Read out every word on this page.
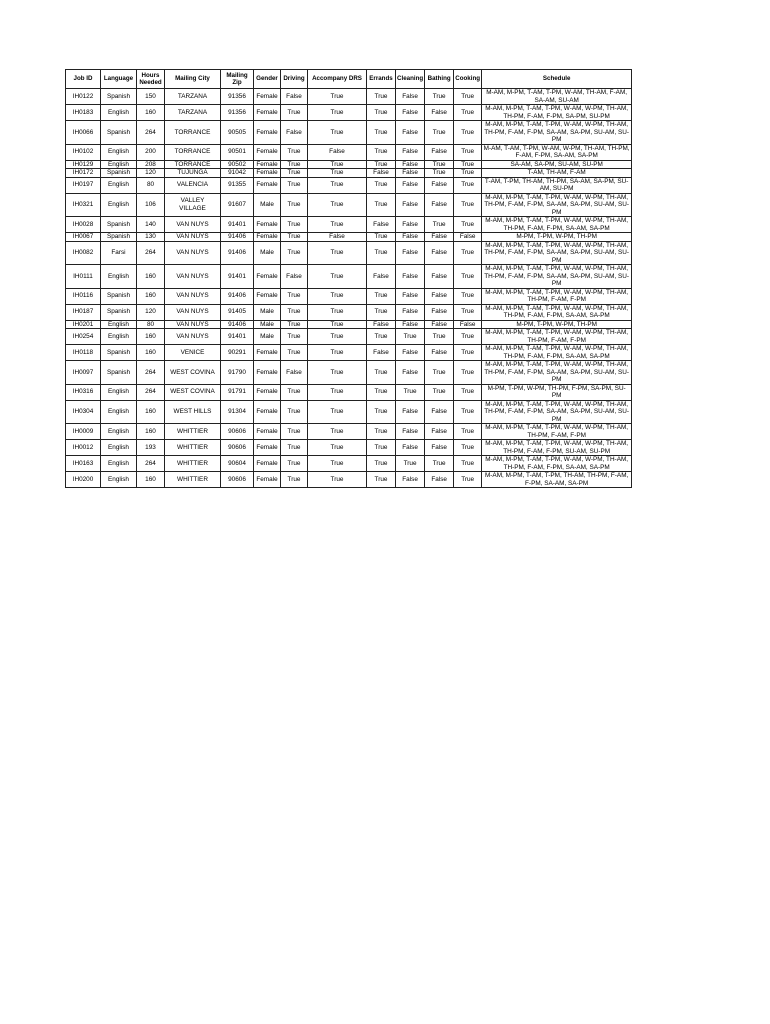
Job ID	Language	Hours Needed	Mailing City	Mailing Zip	Gender	Driving	Accompany DRS	Errands	Cleaning	Bathing	Cooking	Schedule
IH0122	Spanish	150	TARZANA	91356	Female	False	True	True	False	True	True	M-AM, M-PM, T-AM, T-PM, W-AM, TH-AM, F-AM, SA-AM, SU-AM
IH0183	English	160	TARZANA	91356	Female	True	True	True	False	False	True	M-AM, M-PM, T-AM, T-PM, W-AM, W-PM, TH-AM, TH-PM, F-AM, F-PM, SA-PM, SU-PM
IH0066	Spanish	264	TORRANCE	90505	Female	False	True	True	False	True	True	M-AM, M-PM, T-AM, T-PM, W-AM, W-PM, TH-AM, TH-PM, F-AM, F-PM, SA-AM, SA-PM, SU-AM, SU-PM
IH0102	English	200	TORRANCE	90501	Female	True	False	True	False	False	True	M-AM, T-AM, T-PM, W-AM, W-PM, TH-AM, TH-PM, F-AM, F-PM, SA-AM, SA-PM
IH0129	English	208	TORRANCE	90502	Female	True	True	True	False	True	True	SA-AM, SA-PM, SU-AM, SU-PM
IH0172	Spanish	120	TUJUNGA	91042	Female	True	True	False	False	True	True	T-AM, TH-AM, F-AM
IH0197	English	80	VALENCIA	91355	Female	True	True	True	False	False	True	T-AM, T-PM, TH-AM, TH-PM, SA-AM, SA-PM, SU-AM, SU-PM
IH0321	English	106	VALLEY VILLAGE	91607	Male	True	True	True	False	False	True	M-AM, M-PM, T-AM, T-PM, W-AM, W-PM, TH-AM, TH-PM, F-AM, F-PM, SA-AM, SA-PM, SU-AM, SU-PM
IH0028	Spanish	140	VAN NUYS	91401	Female	True	True	False	False	True	True	M-AM, M-PM, T-AM, T-PM, W-AM, W-PM, TH-AM, TH-PM, F-AM, F-PM, SA-AM, SA-PM
IH0067	Spanish	130	VAN NUYS	91406	Female	True	False	True	False	False	False	M-PM, T-PM, W-PM, TH-PM
IH0082	Farsi	264	VAN NUYS	91406	Male	True	True	True	False	False	True	M-AM, M-PM, T-AM, T-PM, W-AM, W-PM, TH-AM, TH-PM, F-AM, F-PM, SA-AM, SA-PM, SU-AM, SU-PM
IH0111	English	160	VAN NUYS	91401	Female	False	True	False	False	False	True	M-AM, M-PM, T-AM, T-PM, W-AM, W-PM, TH-AM, TH-PM, F-AM, F-PM, SA-AM, SA-PM, SU-AM, SU-PM
IH0116	Spanish	160	VAN NUYS	91406	Female	True	True	True	False	False	True	M-AM, M-PM, T-AM, T-PM, W-AM, W-PM, TH-AM, TH-PM, F-AM, F-PM
IH0187	Spanish	120	VAN NUYS	91405	Male	True	True	True	False	False	True	M-AM, M-PM, T-AM, T-PM, W-AM, W-PM, TH-AM, TH-PM, F-AM, F-PM, SA-AM, SA-PM
IH0201	English	80	VAN NUYS	91406	Male	True	True	False	False	False	False	M-PM, T-PM, W-PM, TH-PM
IH0254	English	160	VAN NUYS	91401	Male	True	True	True	True	True	True	M-AM, M-PM, T-AM, T-PM, W-AM, W-PM, TH-AM, TH-PM, F-AM, F-PM
IH0118	Spanish	160	VENICE	90291	Female	True	True	False	False	False	True	M-AM, M-PM, T-AM, T-PM, W-AM, W-PM, TH-AM, TH-PM, F-AM, F-PM, SA-AM, SA-PM
IH0097	Spanish	264	WEST COVINA	91790	Female	False	True	True	False	True	True	M-AM, M-PM, T-AM, T-PM, W-AM, W-PM, TH-AM, TH-PM, F-AM, F-PM, SA-AM, SA-PM, SU-AM, SU-PM
IH0316	English	264	WEST COVINA	91791	Female	True	True	True	True	True	True	M-PM, T-PM, W-PM, TH-PM, F-PM, SA-PM, SU-PM
IH0304	English	160	WEST HILLS	91304	Female	True	True	True	False	False	True	M-AM, M-PM, T-AM, T-PM, W-AM, W-PM, TH-AM, TH-PM, F-AM, F-PM, SA-AM, SA-PM, SU-AM, SU-PM
IH0009	English	160	WHITTIER	90606	Female	True	True	True	False	False	True	M-AM, M-PM, T-AM, T-PM, W-AM, W-PM, TH-AM, TH-PM, F-AM, F-PM
IH0012	English	193	WHITTIER	90606	Female	True	True	True	False	False	True	M-AM, M-PM, T-AM, T-PM, W-AM, W-PM, TH-AM, TH-PM, F-AM, F-PM, SU-AM, SU-PM
IH0163	English	264	WHITTIER	90604	Female	True	True	True	True	True	True	M-AM, M-PM, T-AM, T-PM, W-AM, W-PM, TH-AM, TH-PM, F-AM, F-PM, SA-AM, SA-PM
IH0200	English	160	WHITTIER	90606	Female	True	True	True	False	False	True	M-AM, M-PM, T-AM, T-PM, TH-AM, TH-PM, F-AM, F-PM, SA-AM, SA-PM
